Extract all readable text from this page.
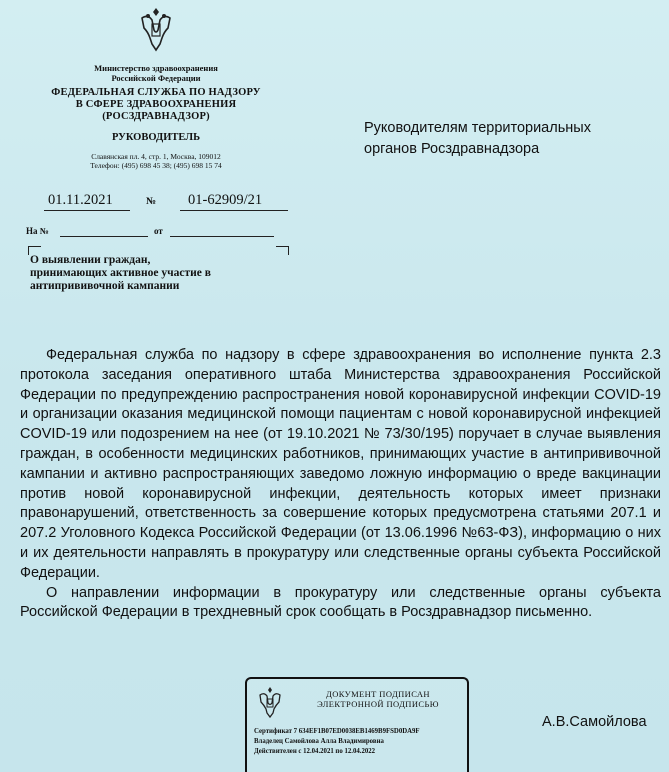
Министерство здравоохранения
Российской Федерации
ФЕДЕРАЛЬНАЯ СЛУЖБА ПО НАДЗОРУ
В СФЕРЕ ЗДРАВООХРАНЕНИЯ
(РОСЗДРАВНАДЗОР)
РУКОВОДИТЕЛЬ
Славянская пл. 4, стр. 1, Москва, 109012
Телефон: (495) 698 45 38; (495) 698 15 74
01.11.2021	№ 01-62909/21
На №	от
О выявлении граждан,
принимающих активное участие в
антипрививочной кампании
Руководителям территориальных
органов Росздравнадзора

Федеральная служба по надзору в сфере здравоохранения во исполнение пункта 2.3 протокола заседания оперативного штаба Министерства здравоохранения Российской Федерации по предупреждению распространения новой коронавирусной инфекции COVID-19 и организации оказания медицинской помощи пациентам с новой коронавирусной инфекцией COVID-19 или подозрением на нее (от 19.10.2021 № 73/30/195) поручает в случае выявления граждан, в особенности медицинских работников, принимающих участие в антипрививочной кампании и активно распространяющих заведомо ложную информацию о вреде вакцинации против новой коронавирусной инфекции, деятельность которых имеет признаки правонарушений, ответственность за совершение которых предусмотрена статьями 207.1 и 207.2 Уголовного Кодекса Российской Федерации (от 13.06.1996 №63-ФЗ), информацию о них и их деятельности направлять в прокуратуру или следственные органы субъекта Российской Федерации.

О направлении информации в прокуратуру или следственные органы субъекта Российской Федерации в трехдневный срок сообщать в Росздравнадзор письменно.

ДОКУМЕНТ ПОДПИСАН
ЭЛЕКТРОННОЙ ПОДПИСЬЮ
Сертификат 7 634EF1B07ED0038EB1469B9FSD0DA9F
Владелец Самойлова Алла Владимировна
Действителен с 12.04.2021 по 12.04.2022
А.В.Самойлова
